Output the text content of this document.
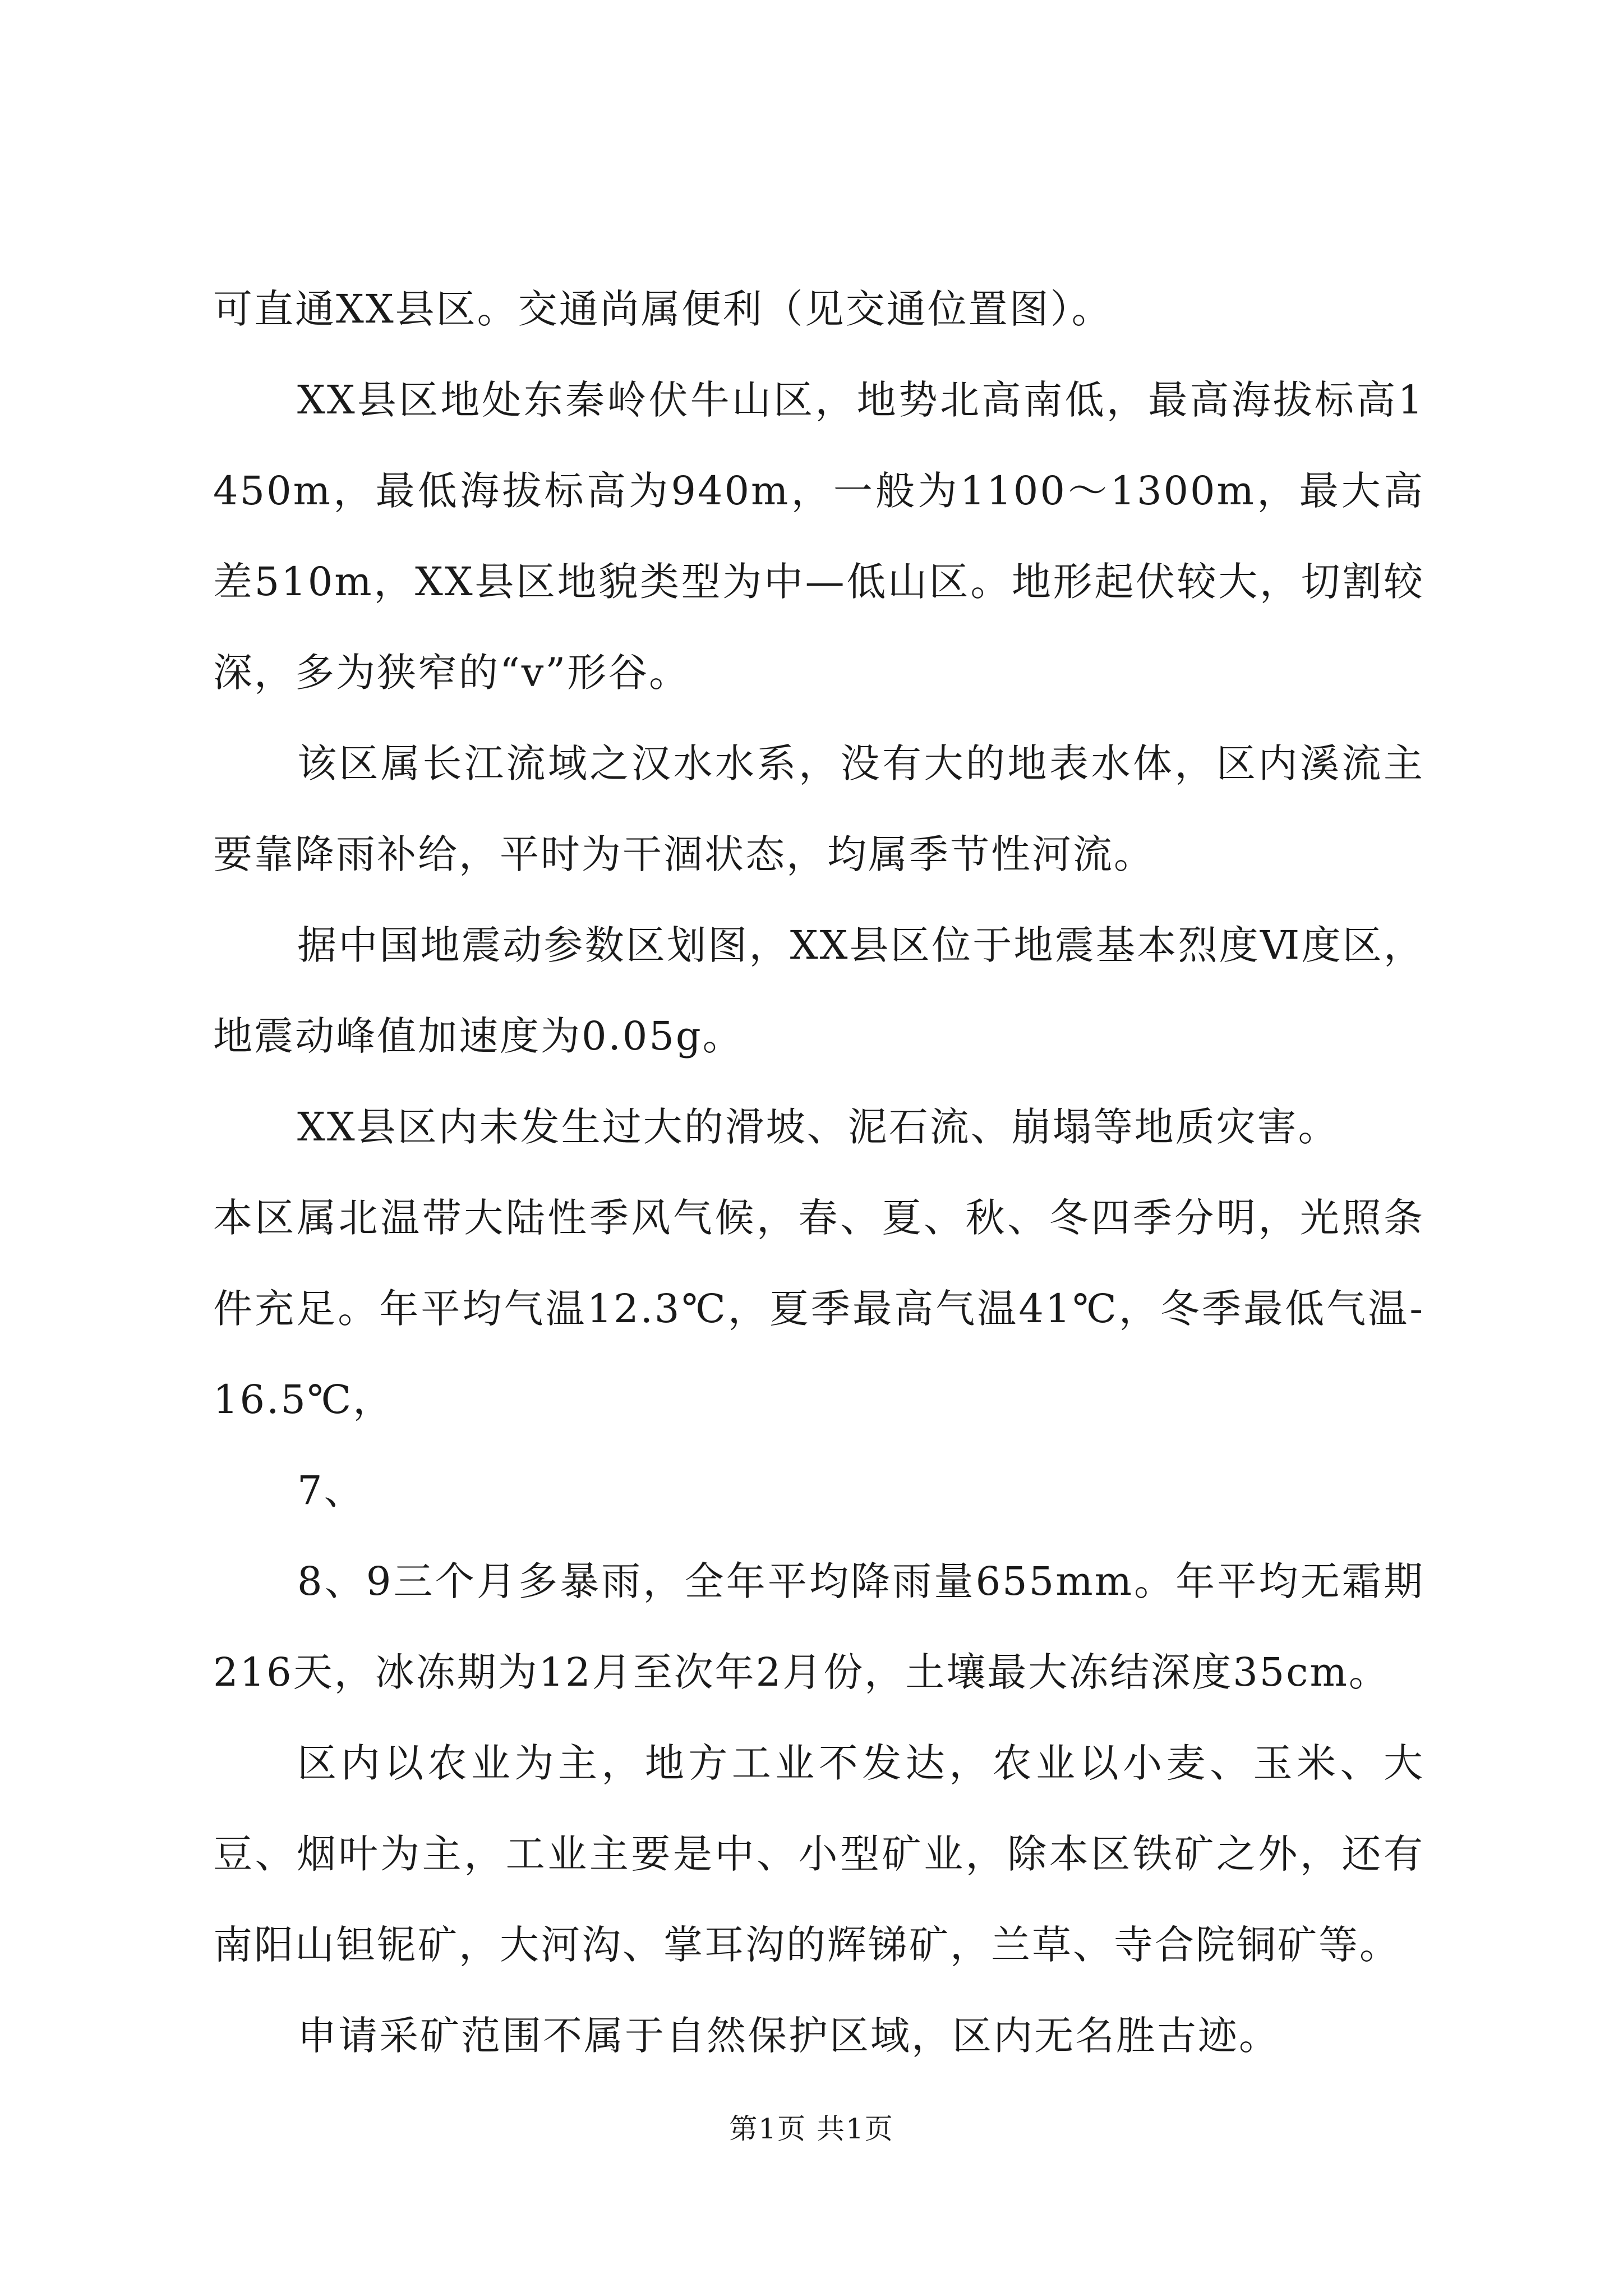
可直通XX县区。交通尚属便利（见交通位置图）。

XX县区地处东秦岭伏牛山区，地势北高南低，最高海拔标高1450m，最低海拔标高为940m，一般为1100～1300m，最大高差510m，XX县区地貌类型为中—低山区。地形起伏较大，切割较深，多为狭窄的“v”形谷。

该区属长江流域之汉水水系，没有大的地表水体，区内溪流主要靠降雨补给，平时为干涸状态，均属季节性河流。

据中国地震动参数区划图，XX县区位于地震基本烈度Ⅵ度区，地震动峰值加速度为0.05g。

XX县区内未发生过大的滑坡、泥石流、崩塌等地质灾害。

本区属北温带大陆性季风气候，春、夏、秋、冬四季分明，光照条件充足。年平均气温12.3℃，夏季最高气温41℃，冬季最低气温-16.5℃，

7、

8、9三个月多暴雨，全年平均降雨量655mm。年平均无霜期216天，冰冻期为12月至次年2月份，土壤最大冻结深度35cm。

区内以农业为主，地方工业不发达，农业以小麦、玉米、大豆、烟叶为主，工业主要是中、小型矿业，除本区铁矿之外，还有南阳山钽铌矿，大河沟、掌耳沟的辉锑矿，兰草、寺合院铜矿等。

申请采矿范围不属于自然保护区域，区内无名胜古迹。

第1页 共1页
